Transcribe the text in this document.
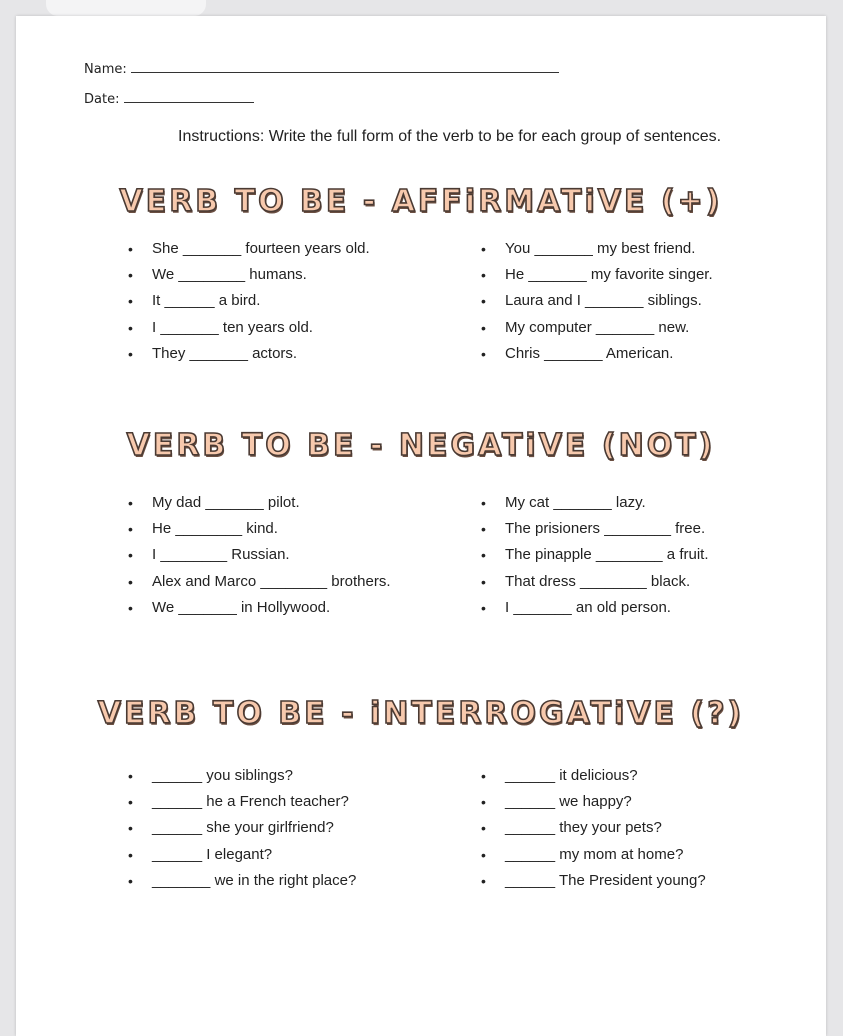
Name:
Date:
Instructions: Write the full form of the verb to be for each group of sentences.
VERB TO BE - AFFiRMATiVE (+)
• She _______ fourteen years old.
• We ________ humans.
• It ______ a bird.
• I _______ ten years old.
• They _______ actors.
• You _______ my best friend.
• He _______ my favorite singer.
• Laura and I _______ siblings.
• My computer _______ new.
• Chris _______ American.
VERB TO BE - NEGATiVE (NOT)
• My dad _______ pilot.
• He ________ kind.
• I ________ Russian.
• Alex and Marco ________ brothers.
• We _______ in Hollywood.
• My cat _______ lazy.
• The prisioners ________ free.
• The pinapple ________ a fruit.
• That dress ________ black.
• I _______ an old person.
VERB TO BE - iNTERROGATiVE (?)
• ______ you siblings?
• ______ he a French teacher?
• ______ she your girlfriend?
• ______ I elegant?
• _______ we in the right place?
• ______ it delicious?
• ______ we happy?
• ______ they your pets?
• ______ my mom at home?
• ______ The President young?
